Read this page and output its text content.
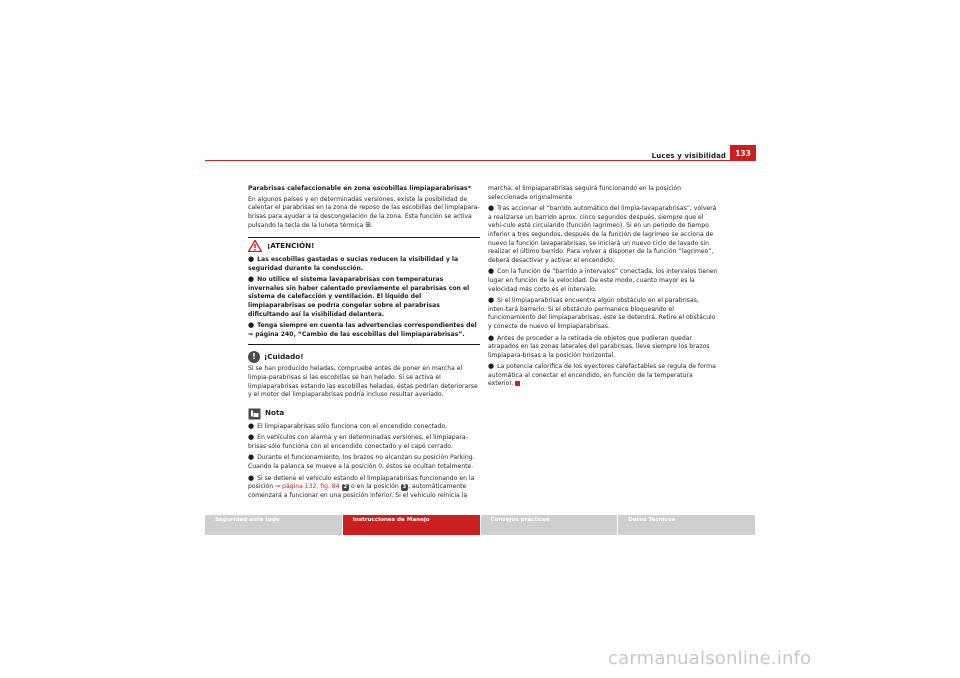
Luces y visibilidad	133

Parabrisas calefaccionable en zona escobillas limpiaparabrisas*

En algunos países y en determinadas versiones, existe la posibilidad de calentar el parabrisas en la zona de reposo de las escobillas del limpiapara-brisas para ayudar a la descongelación de la zona. Esta función se activa pulsando la tecla de la luneta térmica ⊞.

¡ATENCIÓN!

● Las escobillas gastadas o sucias reducen la visibilidad y la seguridad durante la conducción.

● No utilice el sistema lavaparabrisas con temperaturas invernales sin haber calentado previamente el parabrisas con el sistema de calefacción y ventilación. El líquido del limpiaparabrisas se podría congelar sobre el parabrisas dificultando así la visibilidad delantera.

● Tenga siempre en cuenta las advertencias correspondientes del
⇒ página 240, “Cambio de las escobillas del limpiaparabrisas”.

!	¡Cuidado!

Si se han producido heladas, compruebe antes de poner en marcha el limpia-parabrisas si las escobillas se han helado. Si se activa el limpiaparabrisas estando las escobillas heladas, éstas podrían deteriorarse y el motor del limpiaparabrisas podría incluso resultar averiado.

Nota

● El limpiaparabrisas sólo funciona con el encendido conectado.

● En vehículos con alarma y en determinadas versiones, el limpiapara-brisas sólo funciona con el encendido conectado y el capó cerrado.

● Durante el funcionamiento, los brazos no alcanzan su posición Parking. Cuando la palanca se mueve a la posición 0, éstos se ocultan totalmente.

● Si se detiene el vehículo estando el limpiaparabrisas funcionando en la posición ⇒ página 132, fig. 84 2 o en la posición 3 , automáticamente comenzará a funcionar en una posición inferior. Si el vehículo reinicia la

marcha, el limpiaparabrisas seguirá funcionando en la posición seleccionada originalmente

● Tras accionar el “barrido automático del limpia-lavaparabrisas”, volverá a realizarse un barrido aprox. cinco segundos después, siempre que el vehí-culo esté circulando (función lagrimeo). Si en un periodo de tiempo inferior a tres segundos, después de la función de lagrimeo se acciona de nuevo la función lavaparabrisas, se iniciará un nuevo ciclo de lavado sin realizar el último barrido. Para volver a disponer de la función “lagrimeo”, deberá desactivar y activar el encendido.

● Con la función de “barrido a intervalos” conectada, los intervalos tienen lugar en función de la velocidad. De este modo, cuanto mayor es la velocidad más corto es el intervalo.

● Si el limpiaparabrisas encuentra algún obstáculo en el parabrisas, inten-tará barrerlo. Si el obstáculo permanece bloqueando el funcionamiento del limpiaparabrisas, éste se detendrá. Retire el obstáculo y conecte de nuevo el limpiaparabrisas.

● Antes de proceder a la retirada de objetos que pudieran quedar atrapados en las zonas laterales del parabrisas, lleve siempre los brazos limpiapara-brisas a la posición horizontal.

● La potencia calorífica de los eyectores calefactables se regula de forma automática al conectar el encendido, en función de la temperatura exterior.

Seguridad ante todo	Instrucciones de Manejo	Consejos prácticos	Datos Técnicos
carmanualsonline.info
